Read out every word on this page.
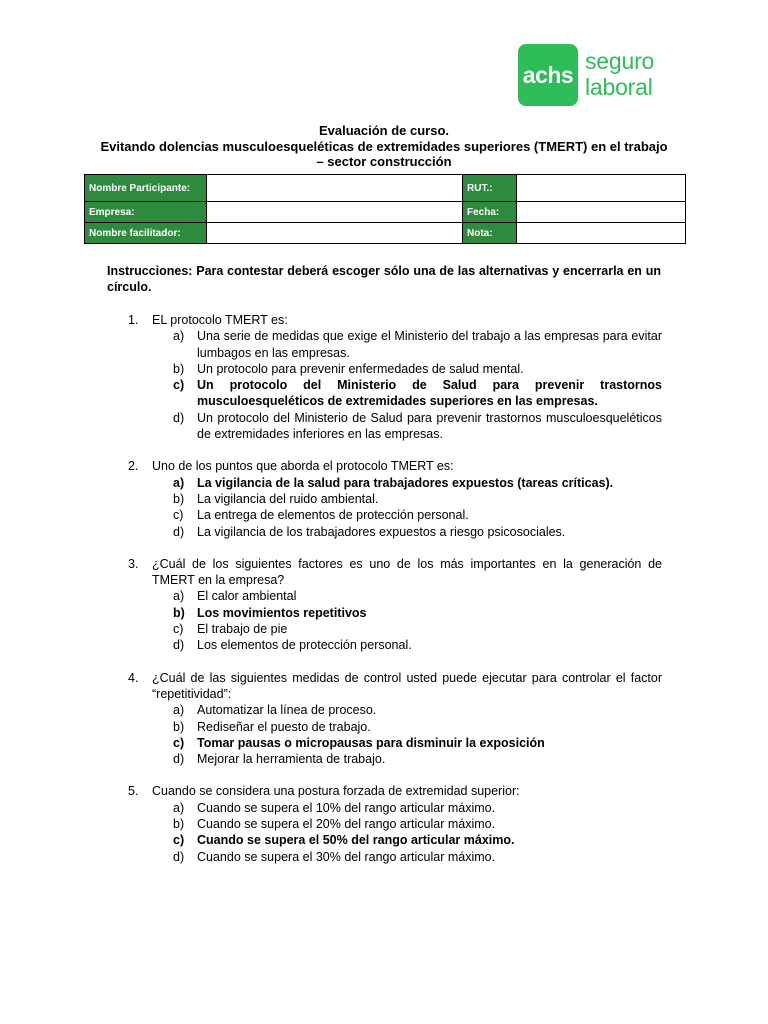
achs
seguro
laboral
Evaluación de curso.
Evitando dolencias musculoesqueléticas de extremidades superiores (TMERT) en el trabajo – sector construcción
Nombre Participante:		RUT.:	
Empresa:		Fecha:	
Nombre facilitador:		Nota:	
Instrucciones: Para contestar deberá escoger sólo una de las alternativas y encerrarla en un círculo.
1. EL protocolo TMERT es:
a) Una serie de medidas que exige el Ministerio del trabajo a las empresas para evitar lumbagos en las empresas.
b) Un protocolo para prevenir enfermedades de salud mental.
c) Un protocolo del Ministerio de Salud para prevenir trastornos musculoesqueléticos de extremidades superiores en las empresas.
d) Un protocolo del Ministerio de Salud para prevenir trastornos musculoesqueléticos de extremidades inferiores en las empresas.
2. Uno de los puntos que aborda el protocolo TMERT es:
a) La vigilancia de la salud para trabajadores expuestos (tareas críticas).
b) La vigilancia del ruido ambiental.
c) La entrega de elementos de protección personal.
d) La vigilancia de los trabajadores expuestos a riesgo psicosociales.
3. ¿Cuál de los siguientes factores es uno de los más importantes en la generación de TMERT en la empresa?
a) El calor ambiental
b) Los movimientos repetitivos
c) El trabajo de pie
d) Los elementos de protección personal.
4. ¿Cuál de las siguientes medidas de control usted puede ejecutar para controlar el factor “repetitividad”:
a) Automatizar la línea de proceso.
b) Rediseñar el puesto de trabajo.
c) Tomar pausas o micropausas para disminuir la exposición
d) Mejorar la herramienta de trabajo.
5. Cuando se considera una postura forzada de extremidad superior:
a) Cuando se supera el 10% del rango articular máximo.
b) Cuando se supera el 20% del rango articular máximo.
c) Cuando se supera el 50% del rango articular máximo.
d) Cuando se supera el 30% del rango articular máximo.
